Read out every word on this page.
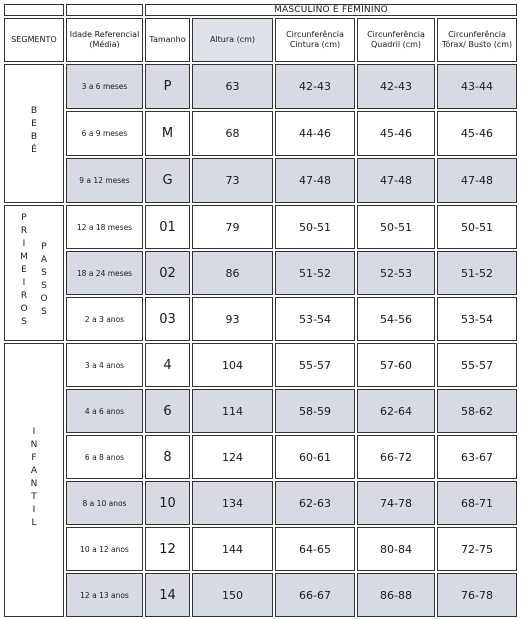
		MASCULINO E FEMININO				
SEGMENTO	Idade Referencial (Média)	Tamanho	Altura (cm)	Circunferência Cintura (cm)	Circunferência Quadril (cm)	Circunferência Tórax/ Busto (cm)
BEBÊ	3 a 6 meses	P	63	42-43	42-43	43-44
	6 a 9 meses	M	68	44-46	45-46	45-46
	9 a 12 meses	G	73	47-48	47-48	47-48

PRIMEIROS PASSOS	12 a 18 meses	01	79	50-51	50-51	50-51
	18 a 24 meses	02	86	51-52	52-53	51-52
	2 a 3 anos	03	93	53-54	54-56	53-54
INFANTIL	3 a 4 anos	4	104	55-57	57-60	55-57
	4 a 6 anos	6	114	58-59	62-64	58-62
	6 a 8 anos	8	124	60-61	66-72	63-67
	8 a 10 anos	10	134	62-63	74-78	68-71
	10 a 12 anos	12	144	64-65	80-84	72-75
	12 a 13 anos	14	150	66-67	86-88	76-78
